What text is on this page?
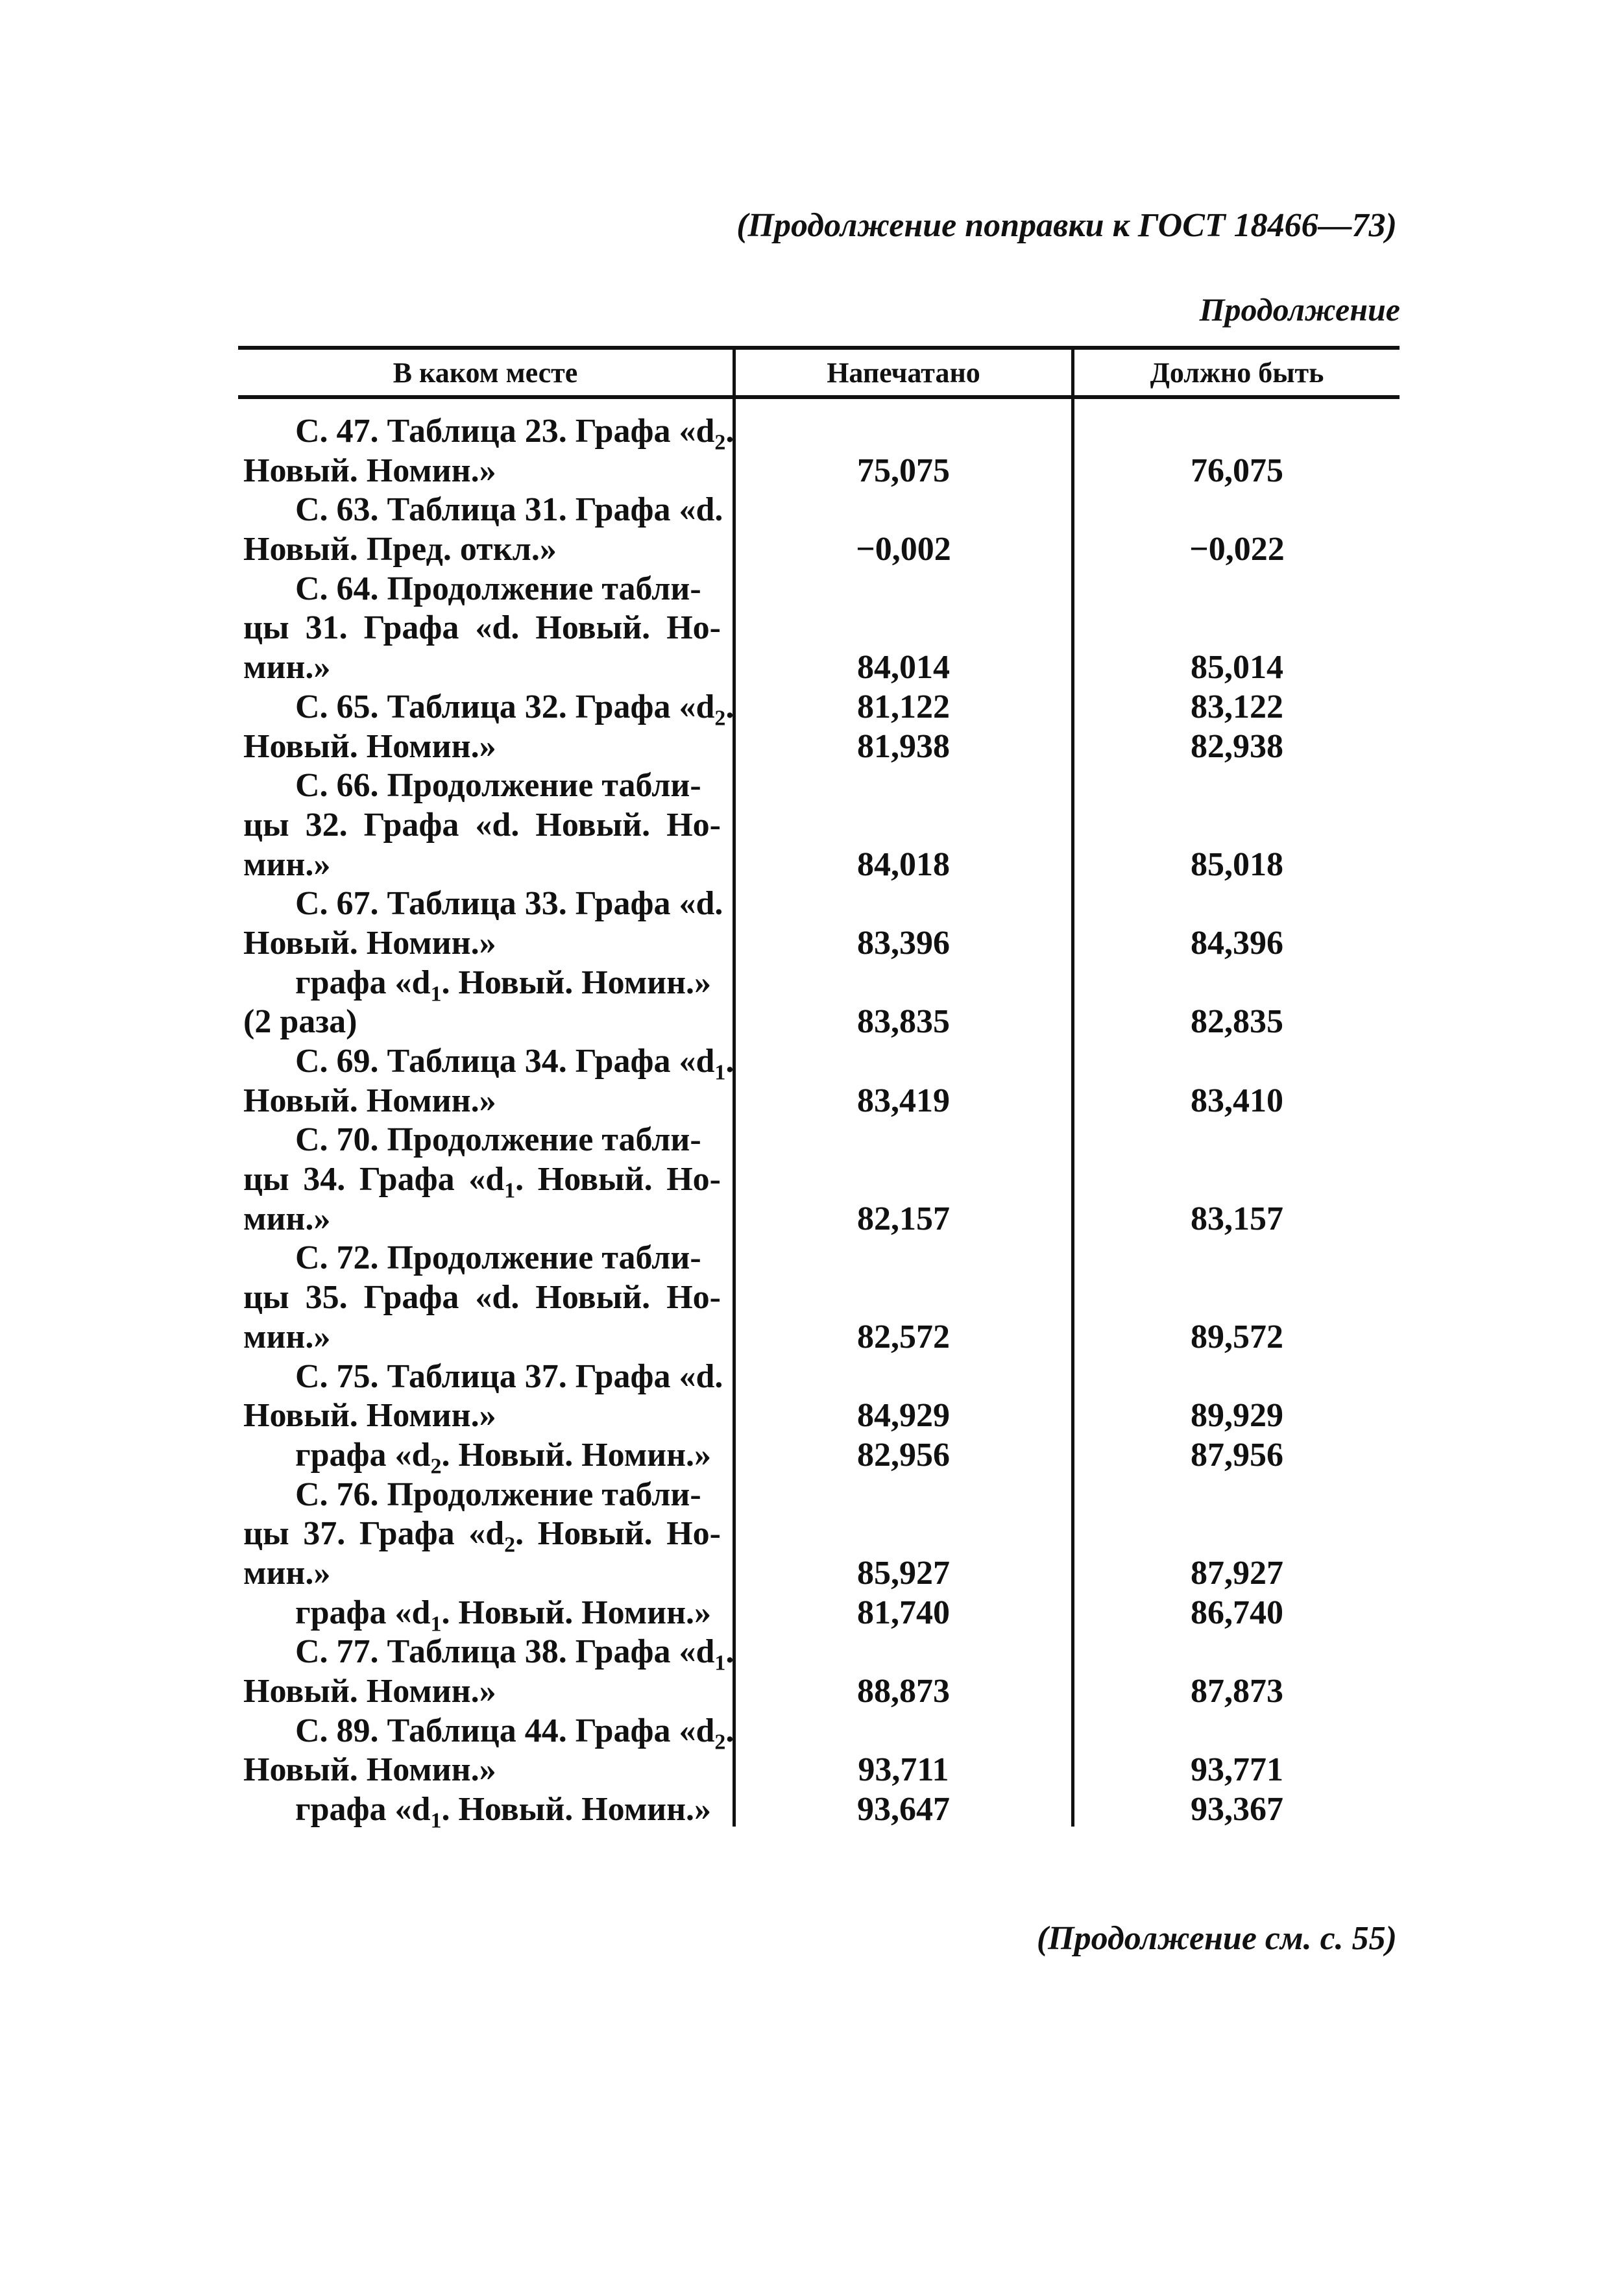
(Продолжение поправки к ГОСТ 18466—73)
Продолжение
В каком месте	Напечатано	Должно быть
С. 47. Таблица 23. Графа «$d_2$.
Новый. Номин.»
С. 63. Таблица 31. Графа «d.
Новый. Пред. откл.»
С. 64. Продолжение табли-
цы 31. Графа «d. Новый. Но-
мин.»
С. 65. Таблица 32. Графа «$d_2$.
Новый. Номин.»
С. 66. Продолжение табли-
цы 32. Графа «d. Новый. Но-
мин.»
С. 67. Таблица 33. Графа «d.
Новый. Номин.»
графа «$d_1$. Новый. Номин.»
(2 раза)
С. 69. Таблица 34. Графа «$d_1$.
Новый. Номин.»
С. 70. Продолжение табли-
цы 34. Графа «$d_1$. Новый. Но-
мин.»
С. 72. Продолжение табли-
цы 35. Графа «d. Новый. Но-
мин.»
С. 75. Таблица 37. Графа «d.
Новый. Номин.»
графа «$d_2$. Новый. Номин.»
С. 76. Продолжение табли-
цы 37. Графа «$d_2$. Новый. Но-
мин.»
графа «$d_1$. Новый. Номин.»
С. 77. Таблица 38. Графа «$d_1$.
Новый. Номин.»
С. 89. Таблица 44. Графа «$d_2$.
Новый. Номин.»
графа «$d_1$. Новый. Номин.»
75,075
−0,002
84,014
81,122
81,938
84,018
83,396
83,835
83,419
82,157
82,572
84,929
82,956
85,927
81,740
88,873
93,711
93,647
76,075
−0,022
85,014
83,122
82,938
85,018
84,396
82,835
83,410
83,157
89,572
89,929
87,956
87,927
86,740
87,873
93,771
93,367
(Продолжение см. с. 55)
